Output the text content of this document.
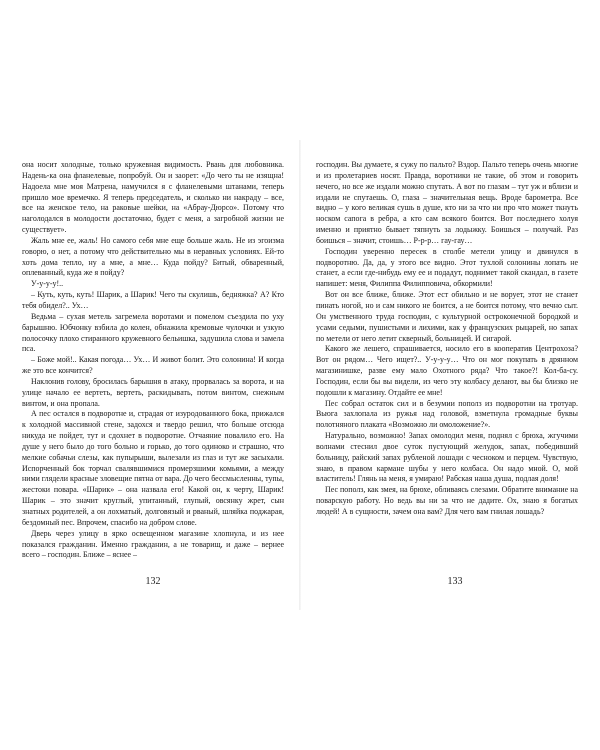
она носит холодные, только кружевная видимость. Рвань для любовника. Надень-ка она фланелевые, попробуй. Он и заорет: «До чего ты не изящна! Надоела мне моя Матрена, намучился я с фланелевыми штанами, теперь пришло мое времечко. Я теперь председатель, и сколько ни накраду – все, все на женское тело, на раковые шейки, на «Абрау-Дюрсо». Потому что наголодался в молодости достаточно, будет с меня, а загробной жизни не существует».

Жаль мне ее, жаль! Но самого себя мне еще больше жаль. Не из эгоизма говорю, о нет, а потому что действительно мы в неравных условиях. Ей-то хоть дома тепло, ну а мне, а мне… Куда пойду? Битый, обваренный, оплеванный, куда же я пойду?

У-у-у-у!..

– Куть, куть, куть! Шарик, а Шарик! Чего ты скулишь, бедняжка? А? Кто тебя обидел?.. Ух…

Ведьма – сухая метель загремела воротами и помелом съездила по уху барышню. Юбчонку взбила до колен, обнажила кремовые чулочки и узкую полосочку плохо стиранного кружевного бельишка, задушила слова и замела пса.

– Боже мой!.. Какая погода… Ух… И живот болит. Это солонина! И когда же это все кончится?

Наклонив голову, бросилась барышня в атаку, прорвалась за ворота, и на улице начало ее вертеть, вертеть, раскидывать, потом винтом, снежным винтом, и она пропала.

А пес остался в подворотне и, страдая от изуродованного бока, прижался к холодной массивной стене, задохся и твердо решил, что больше отсюда никуда не пойдет, тут и сдохнет в подворотне. Отчаяние повалило его. На душе у него было до того больно и горько, до того одиноко и страшно, что мелкие собачьи слезы, как пупырыши, вылезали из глаз и тут же засыхали. Испорченный бок торчал свалявшимися промерзшими комьями, а между ними глядели красные зловещие пятна от вара. До чего бессмысленны, тупы, жестоки повара. «Шарик» – она назвала его! Какой он, к черту, Шарик! Шарик – это значит круглый, упитанный, глупый, овсянку жрет, сын знатных родителей, а он лохматый, долговязый и рваный, шляйка поджарая, бездомный пес. Впрочем, спасибо на добром слове.

Дверь через улицу в ярко освещенном магазине хлопнула, и из нее показался гражданин. Именно гражданин, а не товарищ, и даже – вернее всего – господин. Ближе – яснее –

132

господин. Вы думаете, я сужу по пальто? Вздор. Пальто теперь очень многие и из пролетариев носят. Правда, воротники не такие, об этом и говорить нечего, но все же издали можно спутать. А вот по глазам – тут уж и вблизи и издали не спутаешь. О, глаза – значительная вещь. Вроде барометра. Все видно – у кого великая сушь в душе, кто ни за что ни про что может ткнуть носком сапога в ребра, а кто сам всякого боится. Вот последнего холуя именно и приятно бывает тяпнуть за лодыжку. Боишься – получай. Раз боишься – значит, стоишь… Р-р-р… гау-гау…

Господин уверенно пересек в столбе метели улицу и двинулся в подворотню. Да, да, у этого все видно. Этот тухлой солонины лопать не станет, а если где-нибудь ему ее и подадут, поднимет такой скандал, в газете напишет: меня, Филиппа Филипповича, обкормили!

Вот он все ближе, ближе. Этот ест обильно и не ворует, этот не станет пинать ногой, но и сам никого не боится, а не боится потому, что вечно сыт. Он умственного труда господин, с культурной остроконечной бородкой и усами седыми, пушистыми и лихими, как у французских рыцарей, но запах по метели от него летит скверный, больницей. И сигарой.

Какого же лешего, спрашивается, носило его в кооператив Центрохоза? Вот он рядом… Чего ищет?.. У-у-у-у… Что он мог покупать в дрянном магазинишке, разве ему мало Охотного ряда? Что такое?! Кол-ба-су. Господин, если бы вы видели, из чего эту колбасу делают, вы бы близко не подошли к магазину. Отдайте ее мне!

Пес собрал остаток сил и в безумии пополз из подворотни на тротуар. Вьюга захлопала из ружья над головой, взметнула громадные буквы полотняного плаката «Возможно ли омоложение?».

Натурально, возможно! Запах омолодил меня, поднял с брюха, жгучими волнами стеснил двое суток пустующий желудок, запах, победивший больницу, райский запах рубленой лошади с чесноком и перцем. Чувствую, знаю, в правом кармане шубы у него колбаса. Он надо мной. О, мой властитель! Глянь на меня, я умираю! Рабская наша душа, подлая доля!

Пес пополз, как змея, на брюхе, обливаясь слезами. Обратите внимание на поварскую работу. Но ведь вы ни за что не дадите. Ох, знаю я богатых людей! А в сущности, зачем она вам? Для чего вам гнилая лошадь?

133
